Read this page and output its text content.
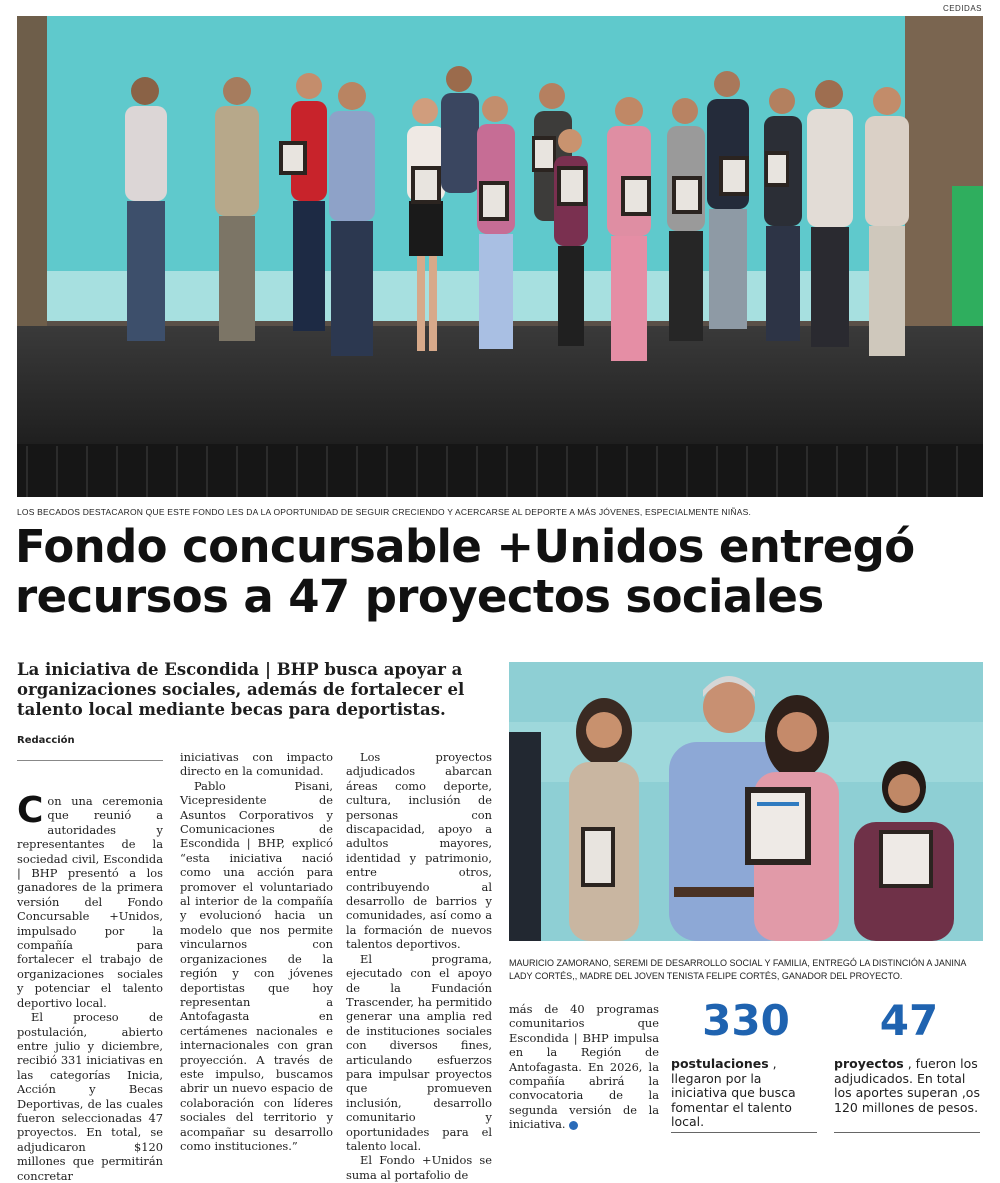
CEDIDAS
LOS BECADOS DESTACARON QUE ESTE FONDO LES DA LA OPORTUNIDAD DE SEGUIR CRECIENDO Y ACERCARSE AL DEPORTE A MÁS JÓVENES, ESPECIALMENTE NIÑAS.
Fondo concursable +Unidos entregó
recursos a 47 proyectos sociales

La iniciativa de Escondida | BHP busca apoyar a organizaciones sociales, además de fortalecer el talento local mediante becas para deportistas.

Redacción

Con una ceremonia que reunió a autoridades y representantes de la sociedad civil, Escondida | BHP presentó a los ganadores de la primera versión del Fondo Concursable +Unidos, impulsado por la compañía para fortalecer el trabajo de organizaciones sociales y potenciar el talento deportivo local.

El proceso de postulación, abierto entre julio y diciembre, recibió 331 iniciativas en las categorías Inicia, Acción y Becas Deportivas, de las cuales fueron seleccionadas 47 proyectos. En total, se adjudicaron $120 millones que permitirán concretar

iniciativas con impacto directo en la comunidad.

Pablo Pisani, Vicepresidente de Asuntos Corporativos y Comunicaciones de Escondida | BHP, explicó “esta iniciativa nació como una acción para promover el voluntariado al interior de la compañía y evolucionó hacia un modelo que nos permite vincularnos con organizaciones de la región y con jóvenes deportistas que hoy representan a Antofagasta en certámenes nacionales e internacionales con gran proyección. A través de este impulso, buscamos abrir un nuevo espacio de colaboración con líderes sociales del territorio y acompañar su desarrollo como instituciones.”

Los proyectos adjudicados abarcan áreas como deporte, cultura, inclusión de personas con discapacidad, apoyo a adultos mayores, identidad y patrimonio, entre otros, contribuyendo al desarrollo de barrios y comunidades, así como a la formación de nuevos talentos deportivos.

El programa, ejecutado con el apoyo de la Fundación Trascender, ha permitido generar una amplia red de instituciones sociales con diversos fines, articulando esfuerzos para impulsar proyectos que promueven inclusión, desarrollo comunitario y oportunidades para el talento local.

El Fondo +Unidos se suma al portafolio de

más de 40 programas comunitarios que Escondida | BHP impulsa en la Región de Antofagasta. En 2026, la compañía abrirá la convocatoria de la segunda versión de la iniciativa.

MAURICIO ZAMORANO, SEREMI DE DESARROLLO SOCIAL Y FAMILIA, ENTREGÓ LA DISTINCIÓN A JANINA LADY CORTÉS,, MADRE DEL JOVEN TENISTA FELIPE CORTÉS, GANADOR DEL PROYECTO.
330

postulaciones , llegaron por la iniciativa que busca fomentar el talento local.

47

proyectos , fueron los adjudicados. En total los aportes superan ,os 120 millones de pesos.
